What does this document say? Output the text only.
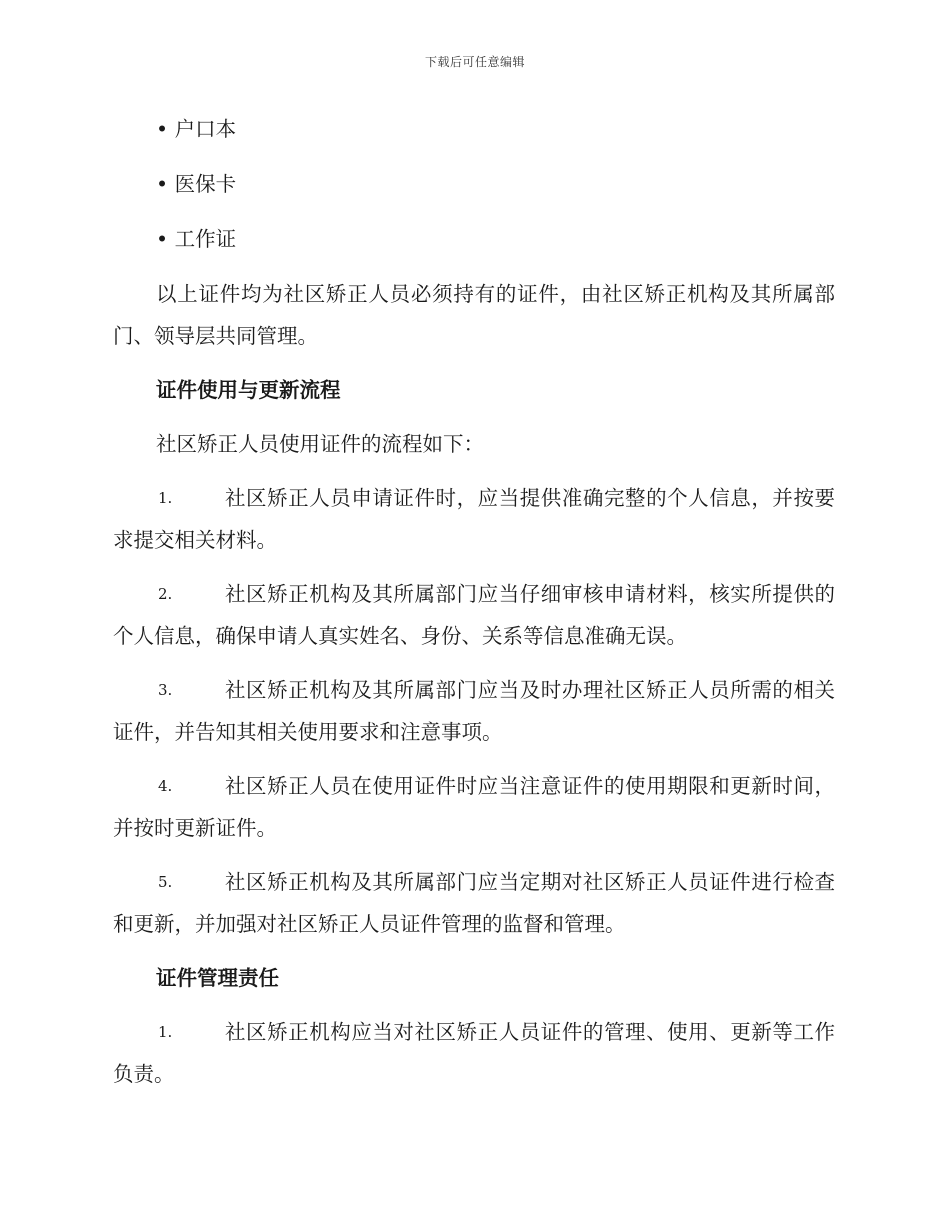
下载后可任意编辑
• 户口本
• 医保卡
• 工作证
以上证件均为社区矫正人员必须持有的证件，由社区矫正机构及其所属部门、领导层共同管理。
证件使用与更新流程
社区矫正人员使用证件的流程如下：
1.	社区矫正人员申请证件时，应当提供准确完整的个人信息，并按要求提交相关材料。
2.	社区矫正机构及其所属部门应当仔细审核申请材料，核实所提供的个人信息，确保申请人真实姓名、身份、关系等信息准确无误。
3.	社区矫正机构及其所属部门应当及时办理社区矫正人员所需的相关证件，并告知其相关使用要求和注意事项。
4.	社区矫正人员在使用证件时应当注意证件的使用期限和更新时间，并按时更新证件。
5.	社区矫正机构及其所属部门应当定期对社区矫正人员证件进行检查和更新，并加强对社区矫正人员证件管理的监督和管理。
证件管理责任
1.	社区矫正机构应当对社区矫正人员证件的管理、使用、更新等工作负责。
